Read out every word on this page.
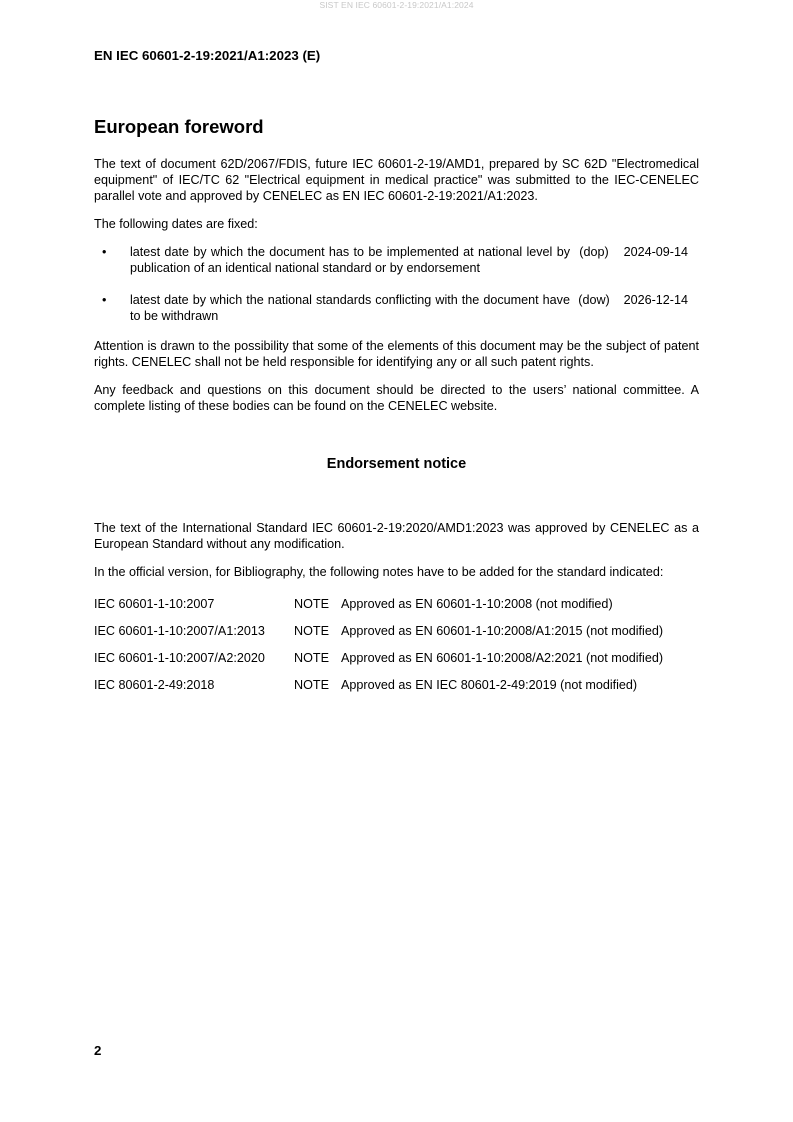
SIST EN IEC 60601-2-19:2021/A1:2024
EN IEC 60601-2-19:2021/A1:2023 (E)
European foreword

The text of document 62D/2067/FDIS, future IEC 60601-2-19/AMD1, prepared by SC 62D "Electromedical equipment" of IEC/TC 62 "Electrical equipment in medical practice" was submitted to the IEC-CENELEC parallel vote and approved by CENELEC as EN IEC 60601-2-19:2021/A1:2023.

The following dates are fixed:

•	latest date by which the document has to be implemented at national level by publication of an identical national standard or by endorsement
(dop)	2024-09-14
•	latest date by which the national standards conflicting with the document have to be withdrawn
(dow)	2026-12-14

Attention is drawn to the possibility that some of the elements of this document may be the subject of patent rights. CENELEC shall not be held responsible for identifying any or all such patent rights.

Any feedback and questions on this document should be directed to the users’ national committee. A complete listing of these bodies can be found on the CENELEC website.

Endorsement notice

The text of the International Standard IEC 60601-2-19:2020/AMD1:2023 was approved by CENELEC as a European Standard without any modification.

In the official version, for Bibliography, the following notes have to be added for the standard indicated:

IEC 60601-1-10:2007	NOTE Approved as EN 60601-1-10:2008 (not modified)
IEC 60601-1-10:2007/A1:2013	NOTE Approved as EN 60601-1-10:2008/A1:2015 (not modified)
IEC 60601-1-10:2007/A2:2020	NOTE Approved as EN 60601-1-10:2008/A2:2021 (not modified)
IEC 80601-2-49:2018	NOTE Approved as EN IEC 80601-2-49:2019 (not modified)
2
